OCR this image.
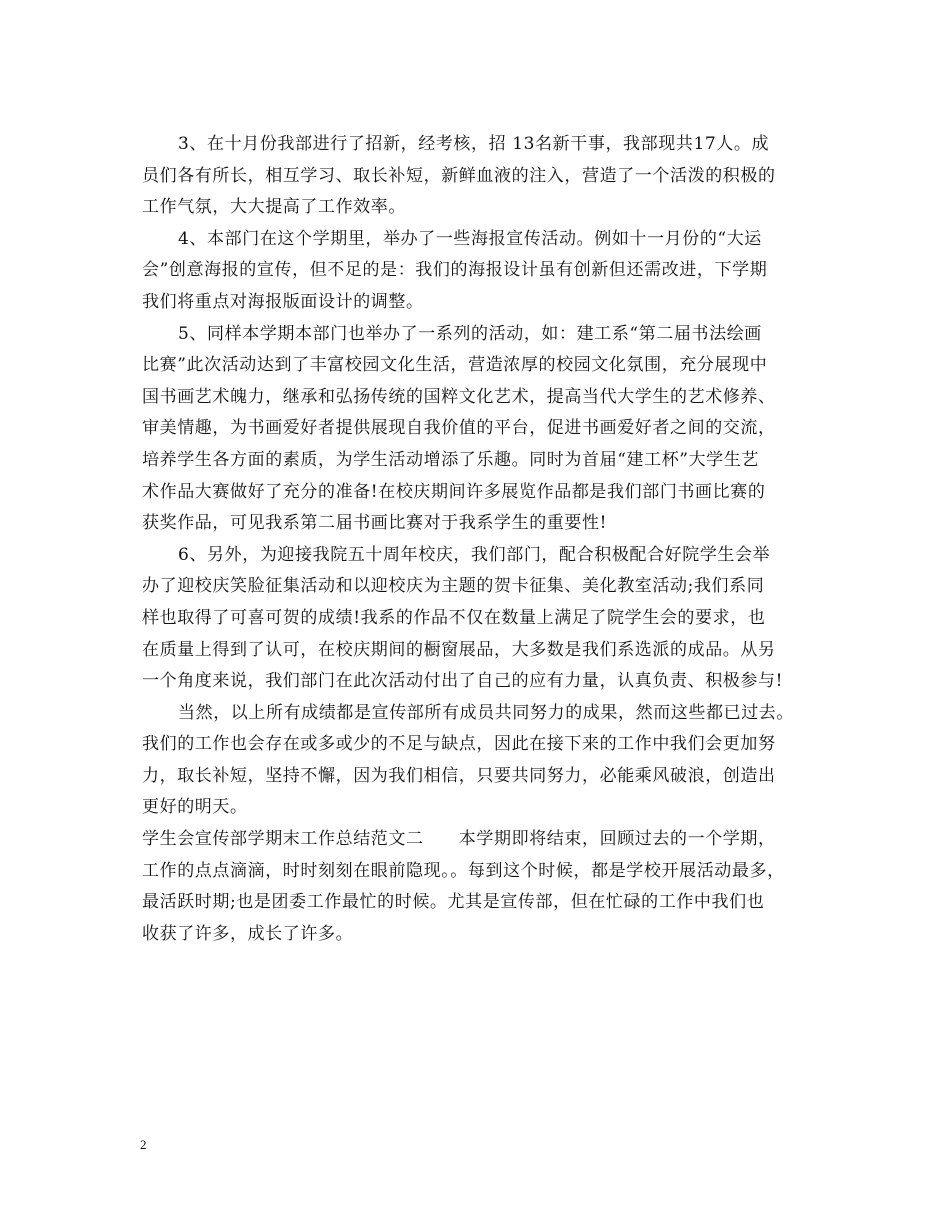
3、在十月份我部进行了招新，经考核，招 13名新干事，我部现共17人。成
员们各有所长，相互学习、取长补短，新鲜血液的注入，营造了一个活泼的积极的
工作气氛，大大提高了工作效率。
4、本部门在这个学期里，举办了一些海报宣传活动。例如十一月份的“大运
会”创意海报的宣传，但不足的是：我们的海报设计虽有创新但还需改进，下学期
我们将重点对海报版面设计的调整。
5、同样本学期本部门也举办了一系列的活动，如：建工系“第二届书法绘画
比赛”此次活动达到了丰富校园文化生活，营造浓厚的校园文化氛围，充分展现中
国书画艺术魄力，继承和弘扬传统的国粹文化艺术，提高当代大学生的艺术修养、
审美情趣，为书画爱好者提供展现自我价值的平台，促进书画爱好者之间的交流，
培养学生各方面的素质，为学生活动增添了乐趣。同时为首届“建工杯”大学生艺
术作品大赛做好了充分的准备!在校庆期间许多展览作品都是我们部门书画比赛的
获奖作品，可见我系第二届书画比赛对于我系学生的重要性!
6、另外，为迎接我院五十周年校庆，我们部门，配合积极配合好院学生会举
办了迎校庆笑脸征集活动和以迎校庆为主题的贺卡征集、美化教室活动;我们系同
样也取得了可喜可贺的成绩!我系的作品不仅在数量上满足了院学生会的要求，也
在质量上得到了认可，在校庆期间的橱窗展品，大多数是我们系选派的成品。从另
一个角度来说，我们部门在此次活动付出了自己的应有力量，认真负责、积极参与!
当然，以上所有成绩都是宣传部所有成员共同努力的成果，然而这些都已过去。
我们的工作也会存在或多或少的不足与缺点，因此在接下来的工作中我们会更加努
力，取长补短，坚持不懈，因为我们相信，只要共同努力，必能乘风破浪，创造出
更好的明天。
学生会宣传部学期末工作总结范文二　　本学期即将结束，回顾过去的一个学期，
工作的点点滴滴，时时刻刻在眼前隐现。。每到这个时候，都是学校开展活动最多，
最活跃时期;也是团委工作最忙的时候。尤其是宣传部，但在忙碌的工作中我们也
收获了许多，成长了许多。
2
